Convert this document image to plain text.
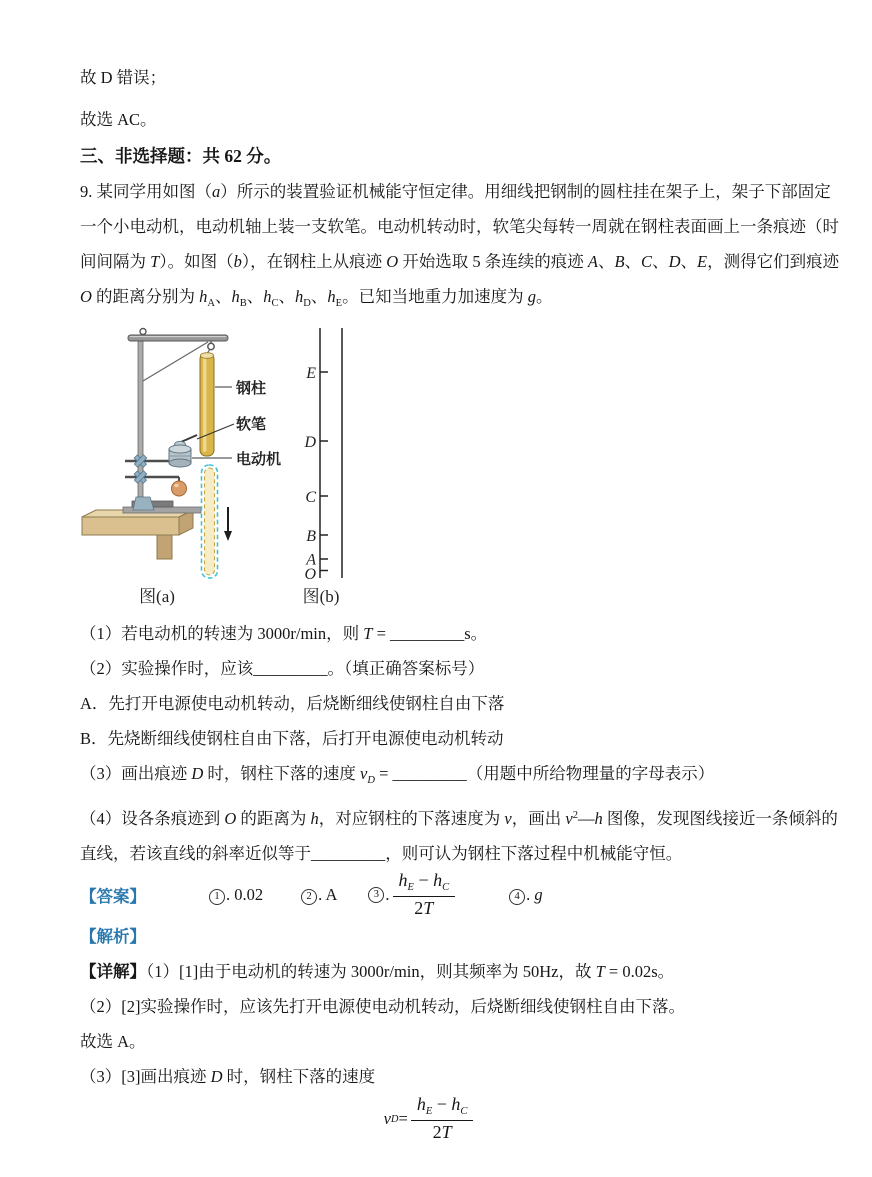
故 D 错误；

故选 AC。

三、非选择题：共 62 分。

9. 某同学用如图（a）所示的装置验证机械能守恒定律。用细线把钢制的圆柱挂在架子上，架子下部固定

一个小电动机，电动机轴上装一支软笔。电动机转动时，软笔尖每转一周就在钢柱表面画上一条痕迹（时

间间隔为 T）。如图（b），在钢柱上从痕迹 O 开始选取 5 条连续的痕迹 A、B、C、D、E，测得它们到痕迹

O 的距离分别为 $h_A$、$h_B$、$h_C$、$h_D$、$h_E$。已知当地重力加速度为 g。

钢柱
软笔
电动机
图(a)
E
D
C
B
A
O
图(b)

（1）若电动机的转速为 3000r/min，则 T = _________s。

（2）实验操作时，应该_________。（填正确答案标号）

A．先打开电源使电动机转动，后烧断细线使钢柱自由下落

B．先烧断细线使钢柱自由下落，后打开电源使电动机转动

（3）画出痕迹 D 时，钢柱下落的速度 $v_D$ = _________（用题中所给物理量的字母表示）

（4）设各条痕迹到 O 的距离为 h，对应钢柱的下落速度为 v，画出 $v^2—h$ 图像，发现图线接近一条倾斜的

直线，若该直线的斜率近似等于_________，则可认为钢柱下落过程中机械能守恒。

【答案】	1 . 0.02	2 . A	3 . $\frac{h_E - h_C}{2T}$	4 . g

【解析】

【详解】（1）[1]由于电动机的转速为 3000r/min，则其频率为 50Hz，故 T = 0.02s。

（2）[2]实验操作时，应该先打开电源使电动机转动，后烧断细线使钢柱自由下落。

故选 A。

（3）[3]画出痕迹 D 时，钢柱下落的速度

v $D = \frac{h_E - h_C}{2T}$
